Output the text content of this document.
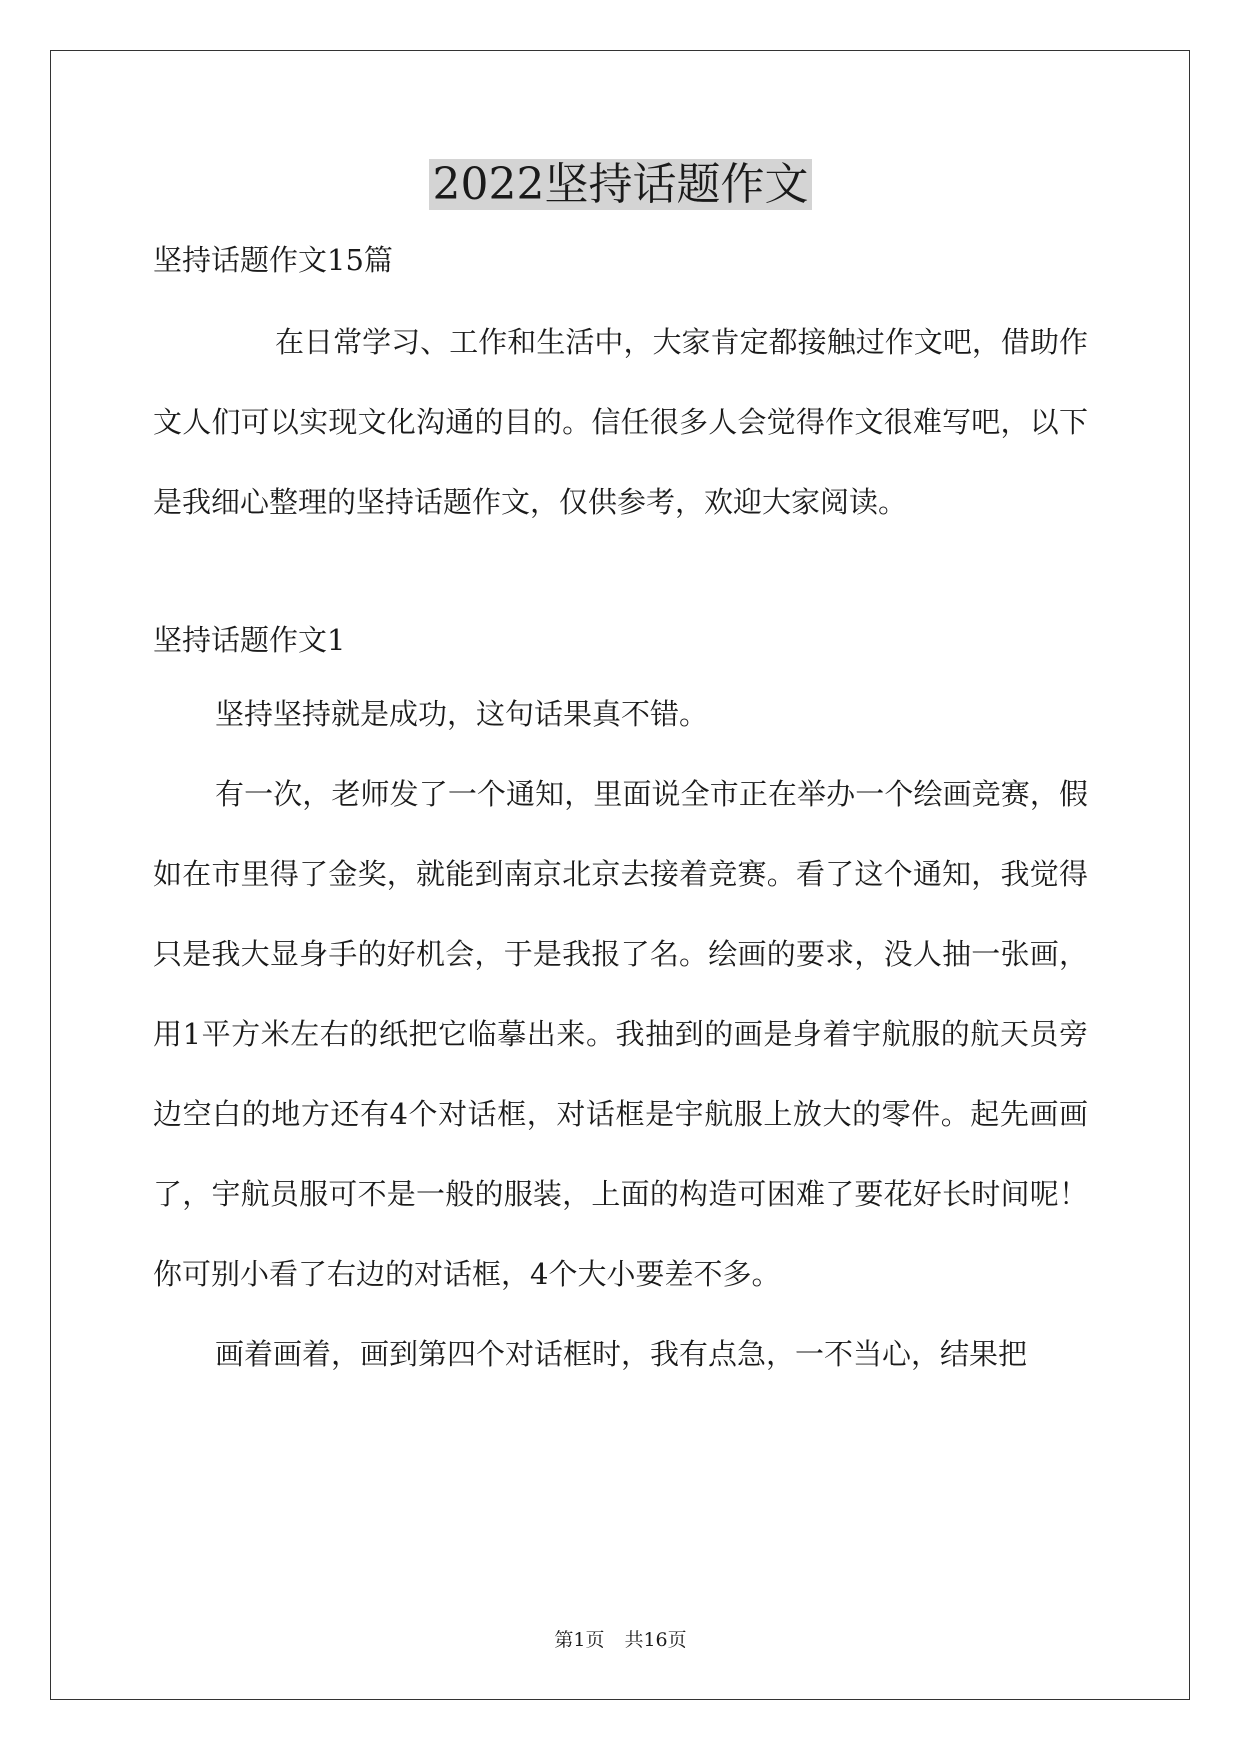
2022坚持话题作文

坚持话题作文15篇

在日常学习、工作和生活中，大家肯定都接触过作文吧，借助作文人们可以实现文化沟通的目的。信任很多人会觉得作文很难写吧，以下是我细心整理的坚持话题作文，仅供参考，欢迎大家阅读。

坚持话题作文1

坚持坚持就是成功，这句话果真不错。

有一次，老师发了一个通知，里面说全市正在举办一个绘画竞赛，假如在市里得了金奖，就能到南京北京去接着竞赛。看了这个通知，我觉得只是我大显身手的好机会，于是我报了名。绘画的要求，没人抽一张画，用1平方米左右的纸把它临摹出来。我抽到的画是身着宇航服的航天员旁边空白的地方还有4个对话框，对话框是宇航服上放大的零件。起先画画了，宇航员服可不是一般的服装，上面的构造可困难了要花好长时间呢！你可别小看了右边的对话框，4个大小要差不多。

画着画着，画到第四个对话框时，我有点急，一不当心，结果把

第1页 共16页
